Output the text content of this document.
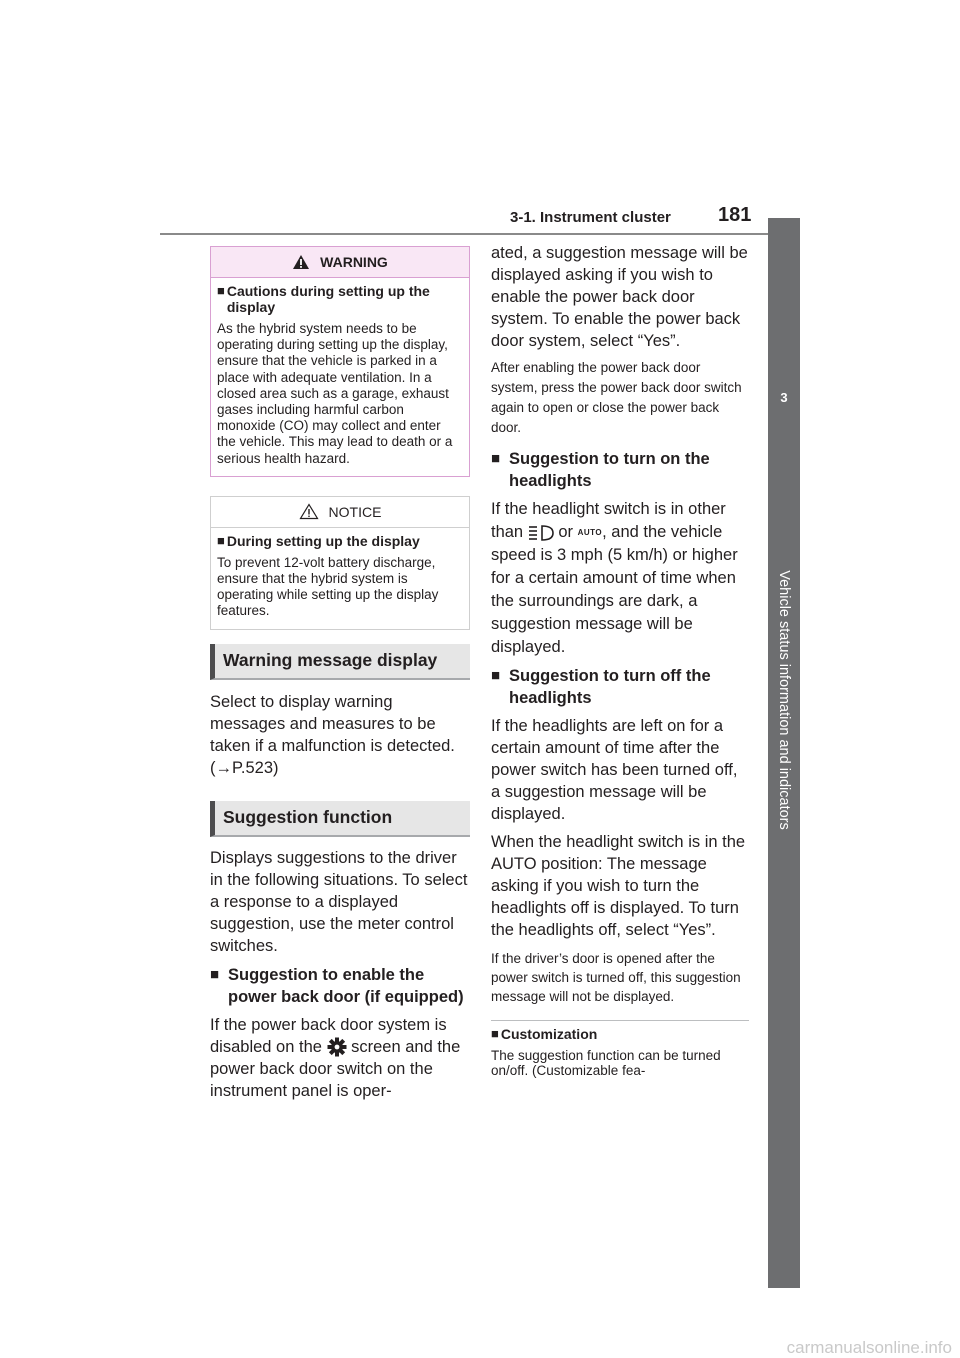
3-1. Instrument cluster 181
3
Vehicle status information and indicators
WARNING

■ Cautions during setting up the display

As the hybrid system needs to be operating during setting up the display, ensure that the vehicle is parked in a place with adequate ventilation. In a closed area such as a garage, exhaust gases including harmful carbon monoxide (CO) may collect and enter the vehicle. This may lead to death or a serious health hazard.

NOTICE

■ During setting up the display

To prevent 12-volt battery discharge, ensure that the hybrid system is operating while setting up the display features.

Warning message display

Select to display warning messages and measures to be taken if a malfunction is detected. (→P.523)

Suggestion function

Displays suggestions to the driver in the following situations. To select a response to a displayed suggestion, use the meter control switches.

■ Suggestion to enable the power back door (if equipped)

If the power back door system is disabled on the screen and the power back door switch on the instrument panel is oper-

ated, a suggestion message will be displayed asking if you wish to enable the power back door system. To enable the power back door system, select “Yes”.

After enabling the power back door system, press the power back door switch again to open or close the power back door.

■ Suggestion to turn on the headlights

If the headlight switch is in other than or AUTO, and the vehicle speed is 3 mph (5 km/h) or higher for a certain amount of time when the surroundings are dark, a suggestion message will be displayed.

■ Suggestion to turn off the headlights

If the headlights are left on for a certain amount of time after the power switch has been turned off, a suggestion message will be displayed.

When the headlight switch is in the AUTO position: The message asking if you wish to turn the headlights off is displayed. To turn the headlights off, select “Yes”.

If the driver’s door is opened after the power switch is turned off, this suggestion message will not be displayed.

■ Customization

The suggestion function can be turned on/off. (Customizable fea-

carmanualsonline.info
